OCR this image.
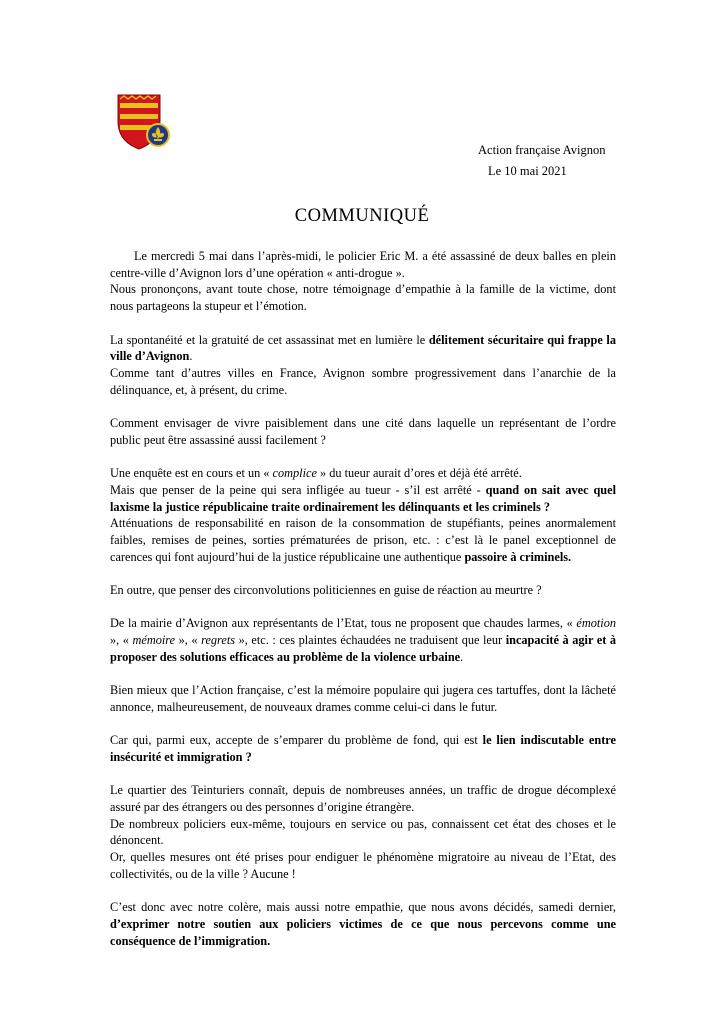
Action française Avignon
Le 10 mai 2021
COMMUNIQUÉ

Le mercredi 5 mai dans l’après-midi, le policier Eric M. a été assassiné de deux balles en plein centre-ville d’Avignon lors d’une opération « anti-drogue ».
Nous prononçons, avant toute chose, notre témoignage d’empathie à la famille de la victime, dont nous partageons la stupeur et l’émotion.

La spontanéité et la gratuité de cet assassinat met en lumière le délitement sécuritaire qui frappe la ville d’Avignon.
Comme tant d’autres villes en France, Avignon sombre progressivement dans l’anarchie de la délinquance, et, à présent, du crime.

Comment envisager de vivre paisiblement dans une cité dans laquelle un représentant de l’ordre public peut être assassiné aussi facilement ?

Une enquête est en cours et un « complice » du tueur aurait d’ores et déjà été arrêté.
Mais que penser de la peine qui sera infligée au tueur - s’il est arrêté - quand on sait avec quel laxisme la justice républicaine traite ordinairement les délinquants et les criminels ?
Atténuations de responsabilité en raison de la consommation de stupéfiants, peines anormalement faibles, remises de peines, sorties prématurées de prison, etc. : c’est là le panel exceptionnel de carences qui font aujourd’hui de la justice républicaine une authentique passoire à criminels.

En outre, que penser des circonvolutions politiciennes en guise de réaction au meurtre ?

De la mairie d’Avignon aux représentants de l’Etat, tous ne proposent que chaudes larmes, « émotion », « mémoire », « regrets », etc. : ces plaintes échaudées ne traduisent que leur incapacité à agir et à proposer des solutions efficaces au problème de la violence urbaine.

Bien mieux que l’Action française, c’est la mémoire populaire qui jugera ces tartuffes, dont la lâcheté annonce, malheureusement, de nouveaux drames comme celui-ci dans le futur.

Car qui, parmi eux, accepte de s’emparer du problème de fond, qui est le lien indiscutable entre insécurité et immigration ?

Le quartier des Teinturiers connaît, depuis de nombreuses années, un traffic de drogue décomplexé assuré par des étrangers ou des personnes d’origine étrangère.
De nombreux policiers eux-même, toujours en service ou pas, connaissent cet état des choses et le dénoncent.
Or, quelles mesures ont été prises pour endiguer le phénomène migratoire au niveau de l’Etat, des collectivités, ou de la ville ? Aucune !

C’est donc avec notre colère, mais aussi notre empathie, que nous avons décidés, samedi dernier, d’exprimer notre soutien aux policiers victimes de ce que nous percevons comme une conséquence de l’immigration.
